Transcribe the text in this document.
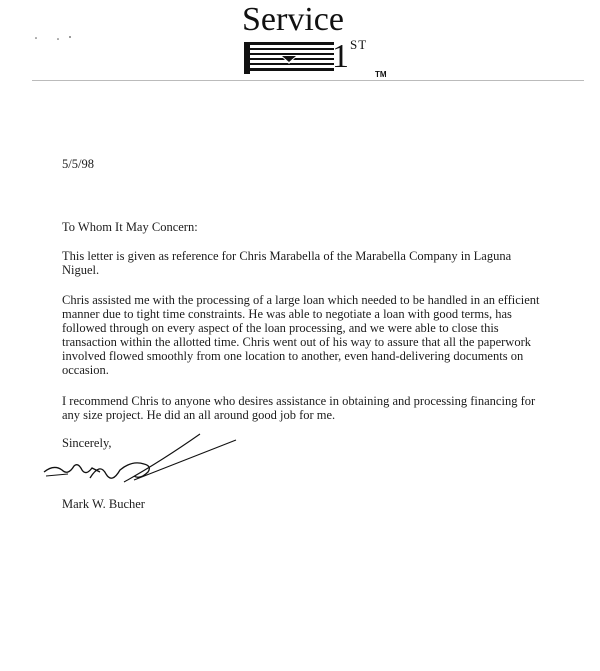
Service
1 ST
TM
5/5/98
To Whom It May Concern:
This letter is given as reference for Chris Marabella of the Marabella Company in Laguna
Niguel.
Chris assisted me with the processing of a large loan which needed to be handled in an efficient
manner due to tight time constraints. He was able to negotiate a loan with good terms, has
followed through on every aspect of the loan processing, and we were able to close this
transaction within the allotted time. Chris went out of his way to assure that all the paperwork
involved flowed smoothly from one location to another, even hand-delivering documents on
occasion.
I recommend Chris to anyone who desires assistance in obtaining and processing financing for
any size project. He did an all around good job for me.
Sincerely,
Mark W. Bucher
